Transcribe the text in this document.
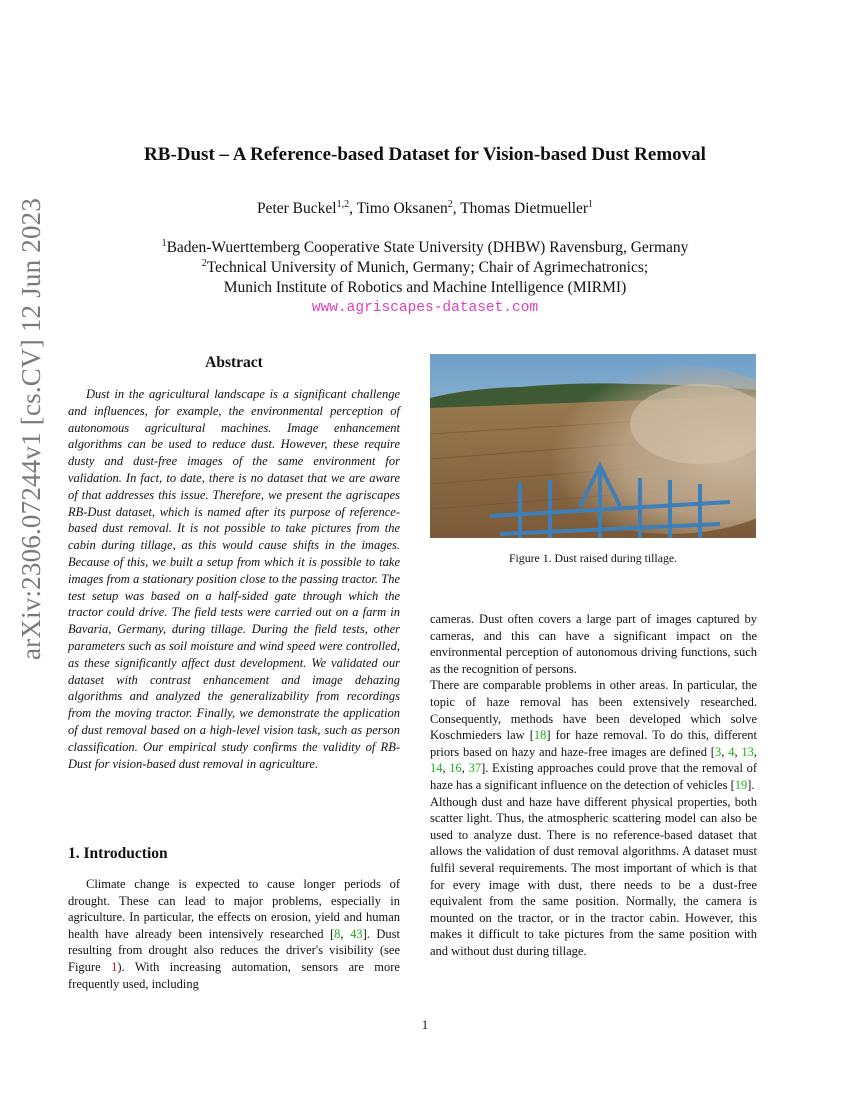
arXiv:2306.07244v1 [cs.CV] 12 Jun 2023
RB-Dust – A Reference-based Dataset for Vision-based Dust Removal
Peter Buckel$^{1,2}$, Timo Oksanen$^2$, Thomas Dietmueller$^1$
$^1$Baden-Wuerttemberg Cooperative State University (DHBW) Ravensburg, Germany
$^2$Technical University of Munich, Germany; Chair of Agrimechatronics;
Munich Institute of Robotics and Machine Intelligence (MIRMI)
www.agriscapes-dataset.com
Abstract
Dust in the agricultural landscape is a significant challenge and influences, for example, the environmental perception of autonomous agricultural machines. Image enhancement algorithms can be used to reduce dust. However, these require dusty and dust-free images of the same environment for validation. In fact, to date, there is no dataset that we are aware of that addresses this issue. Therefore, we present the agriscapes RB-Dust dataset, which is named after its purpose of reference-based dust removal. It is not possible to take pictures from the cabin during tillage, as this would cause shifts in the images. Because of this, we built a setup from which it is possible to take images from a stationary position close to the passing tractor. The test setup was based on a half-sided gate through which the tractor could drive. The field tests were carried out on a farm in Bavaria, Germany, during tillage. During the field tests, other parameters such as soil moisture and wind speed were controlled, as these significantly affect dust development. We validated our dataset with contrast enhancement and image dehazing algorithms and analyzed the generalizability from recordings from the moving tractor. Finally, we demonstrate the application of dust removal based on a high-level vision task, such as person classification. Our empirical study confirms the validity of RB-Dust for vision-based dust removal in agriculture.
1. Introduction
Climate change is expected to cause longer periods of drought. These can lead to major problems, especially in agriculture. In particular, the effects on erosion, yield and human health have already been intensively researched [8, 43]. Dust resulting from drought also reduces the driver's visibility (see Figure 1). With increasing automation, sensors are more frequently used, including
Figure 1. Dust raised during tillage.

cameras. Dust often covers a large part of images captured by cameras, and this can have a significant impact on the environmental perception of autonomous driving functions, such as the recognition of persons.

There are comparable problems in other areas. In particular, the topic of haze removal has been extensively researched. Consequently, methods have been developed which solve Koschmieders law [18] for haze removal. To do this, different priors based on hazy and haze-free images are defined [3, 4, 13, 14, 16, 37]. Existing approaches could prove that the removal of haze has a significant influence on the detection of vehicles [19].

Although dust and haze have different physical properties, both scatter light. Thus, the atmospheric scattering model can also be used to analyze dust. There is no reference-based dataset that allows the validation of dust removal algorithms. A dataset must fulfil several requirements. The most important of which is that for every image with dust, there needs to be a dust-free equivalent from the same position. Normally, the camera is mounted on the tractor, or in the tractor cabin. However, this makes it difficult to take pictures from the same position with and without dust during tillage.

1
